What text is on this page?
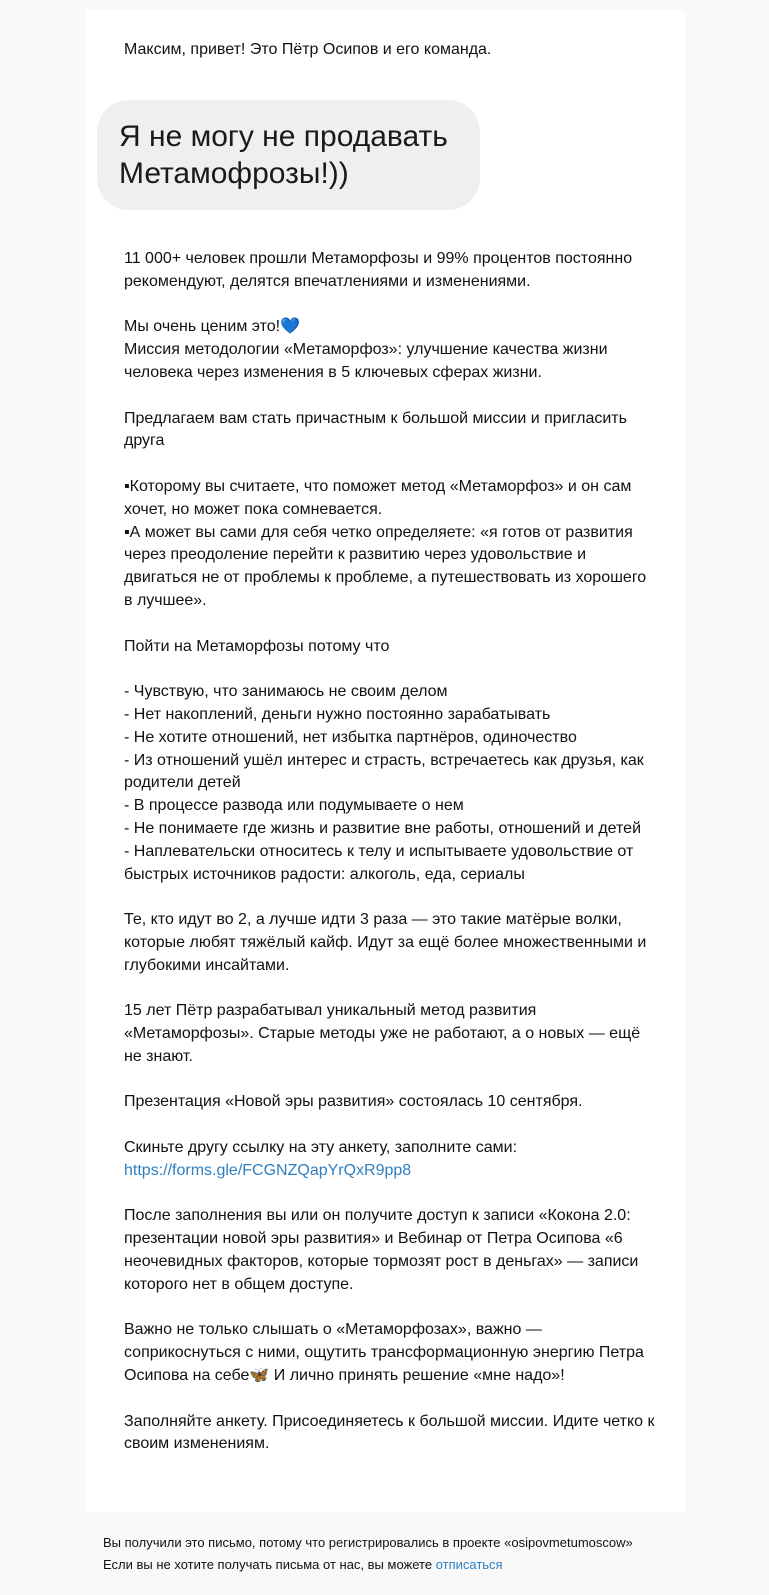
Максим, привет! Это Пётр Осипов и его команда.

Я не могу не продавать
Метамофрозы!))

11 000+ человек прошли Метаморфозы и 99% процентов постоянно рекомендуют, делятся впечатлениями и изменениями.

Мы очень ценим это!💙
Миссия методологии «Метаморфоз»: улучшение качества жизни человека через изменения в 5 ключевых сферах жизни.

Предлагаем вам стать причастным к большой миссии и пригласить друга

▪Которому вы считаете, что поможет метод «Метаморфоз» и он сам хочет, но может пока сомневается.
▪А может вы сами для себя четко определяете: «я готов от развития через преодоление перейти к развитию через удовольствие и двигаться не от проблемы к проблеме, а путешествовать из хорошего в лучшее».

Пойти на Метаморфозы потому что

- Чувствую, что занимаюсь не своим делом
- Нет накоплений, деньги нужно постоянно зарабатывать
- Не хотите отношений, нет избытка партнёров, одиночество
- Из отношений ушёл интерес и страсть, встречаетесь как друзья, как родители детей
- В процессе развода или подумываете о нем
- Не понимаете где жизнь и развитие вне работы, отношений и детей
- Наплевательски относитесь к телу и испытываете удовольствие от быстрых источников радости: алкоголь, еда, сериалы

Те, кто идут во 2, а лучше идти 3 раза — это такие матёрые волки, которые любят тяжёлый кайф. Идут за ещё более множественными и глубокими инсайтами.

15 лет Пётр разрабатывал уникальный метод развития «Метаморфозы». Старые методы уже не работают, а о новых — ещё не знают.

Презентация «Новой эры развития» состоялась 10 сентября.

Скиньте другу ссылку на эту анкету, заполните сами:
https://forms.gle/FCGNZQapYrQxR9pp8

После заполнения вы или он получите доступ к записи «Кокона 2.0: презентации новой эры развития» и Вебинар от Петра Осипова «6 неочевидных факторов, которые тормозят рост в деньгах» — записи которого нет в общем доступе.

Важно не только слышать о «Метаморфозах», важно — соприкоснуться с ними, ощутить трансформационную энергию Петра Осипова на себе🦋 И лично принять решение «мне надо»!

Заполняйте анкету. Присоединяетесь к большой миссии. Идите четко к своим изменениям.

Вы получили это письмо, потому что регистрировались в проекте «osipovmetumoscow»
Если вы не хотите получать письма от нас, вы можете отписаться
